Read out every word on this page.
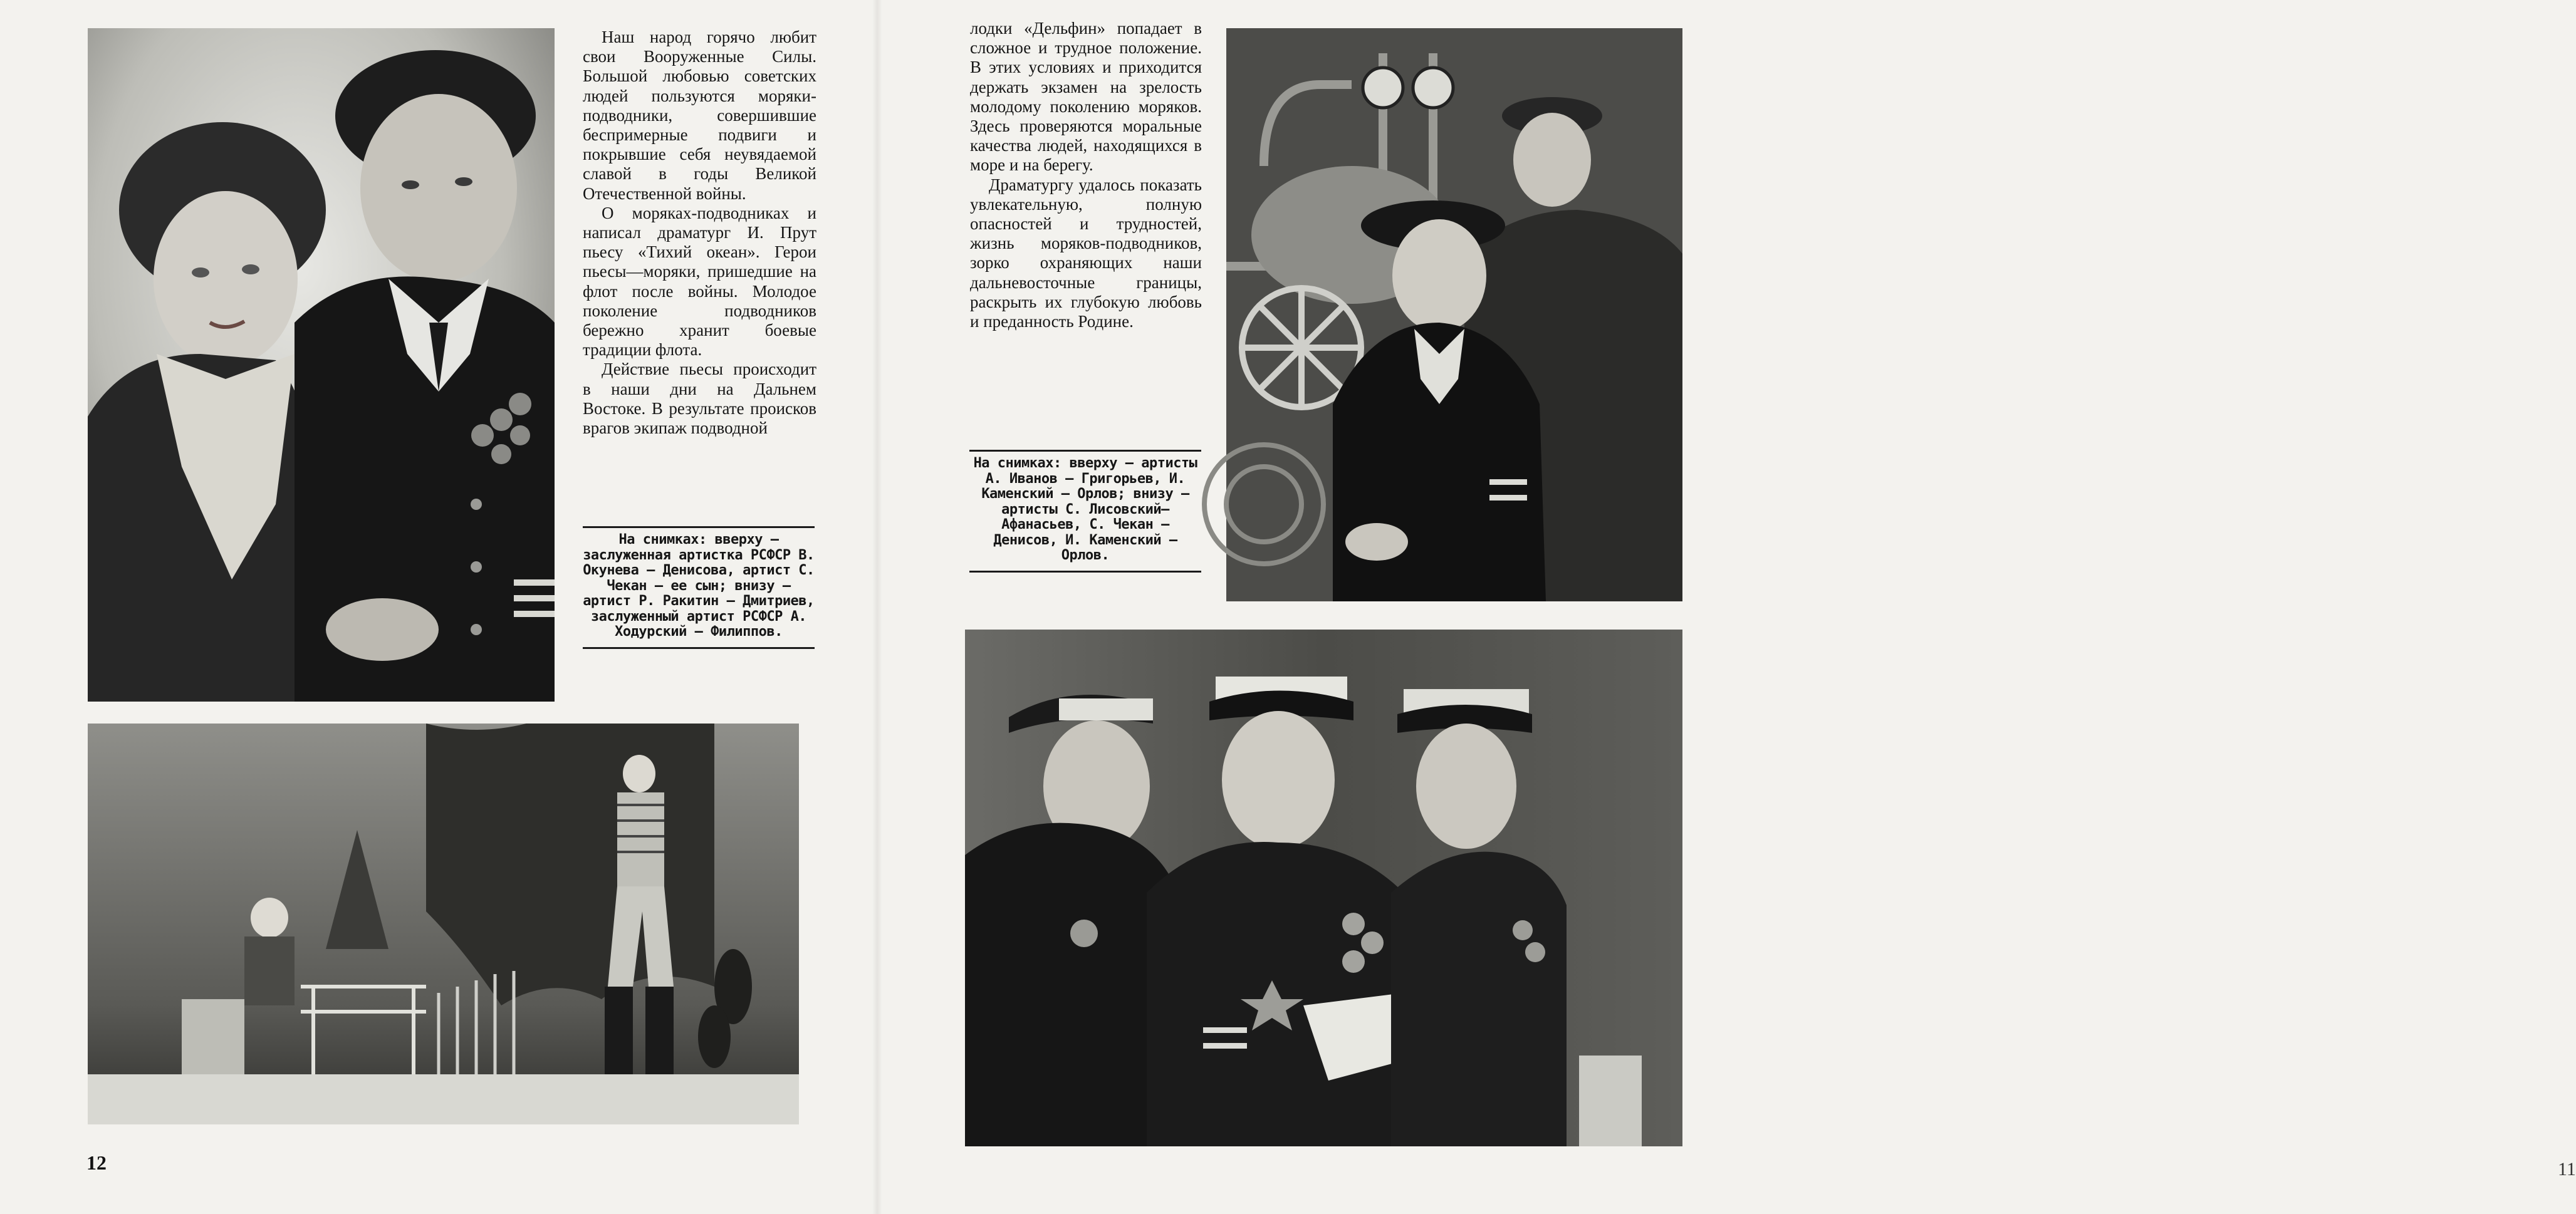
Наш народ горячо любит свои Вооруженные Силы. Большой любовью советских людей пользуются моряки-подводники, совершившие беспримерные подвиги и покрывшие себя неувядаемой славой в годы Великой Отечественной войны.

О моряках-подводниках и написал драматург И. Прут пьесу «Тихий океан». Герои пьесы—моряки, пришедшие на флот после войны. Молодое поколение подводников бережно хранит боевые традиции флота.

Действие пьесы происходит в наши дни на Дальнем Востоке. В результате происков врагов экипаж подводной

На снимках: вверху — заслуженная артистка РСФСР В. Окунева — Денисова, артист С. Чекан — ее сын; внизу — артист Р. Ракитин — Дмитриев, заслуженный артист РСФСР А. Ходурский — Филиппов.
12

лодки «Дельфин» попадает в сложное и трудное положение. В этих условиях и приходится держать экзамен на зрелость молодому поколению моряков. Здесь проверяются моральные качества людей, находящихся в море и на берегу.

Драматургу удалось показать увлекательную, полную опасностей и трудностей, жизнь моряков-подводников, зорко охраняющих наши дальневосточные границы, раскрыть их глубокую любовь и преданность Родине.

На снимках: вверху — артисты А. Иванов — Григорьев, И. Каменский — Орлов; внизу — артисты С. Лисовский—Афанасьев, С. Чекан — Денисов, И. Каменский — Орлов.
11
